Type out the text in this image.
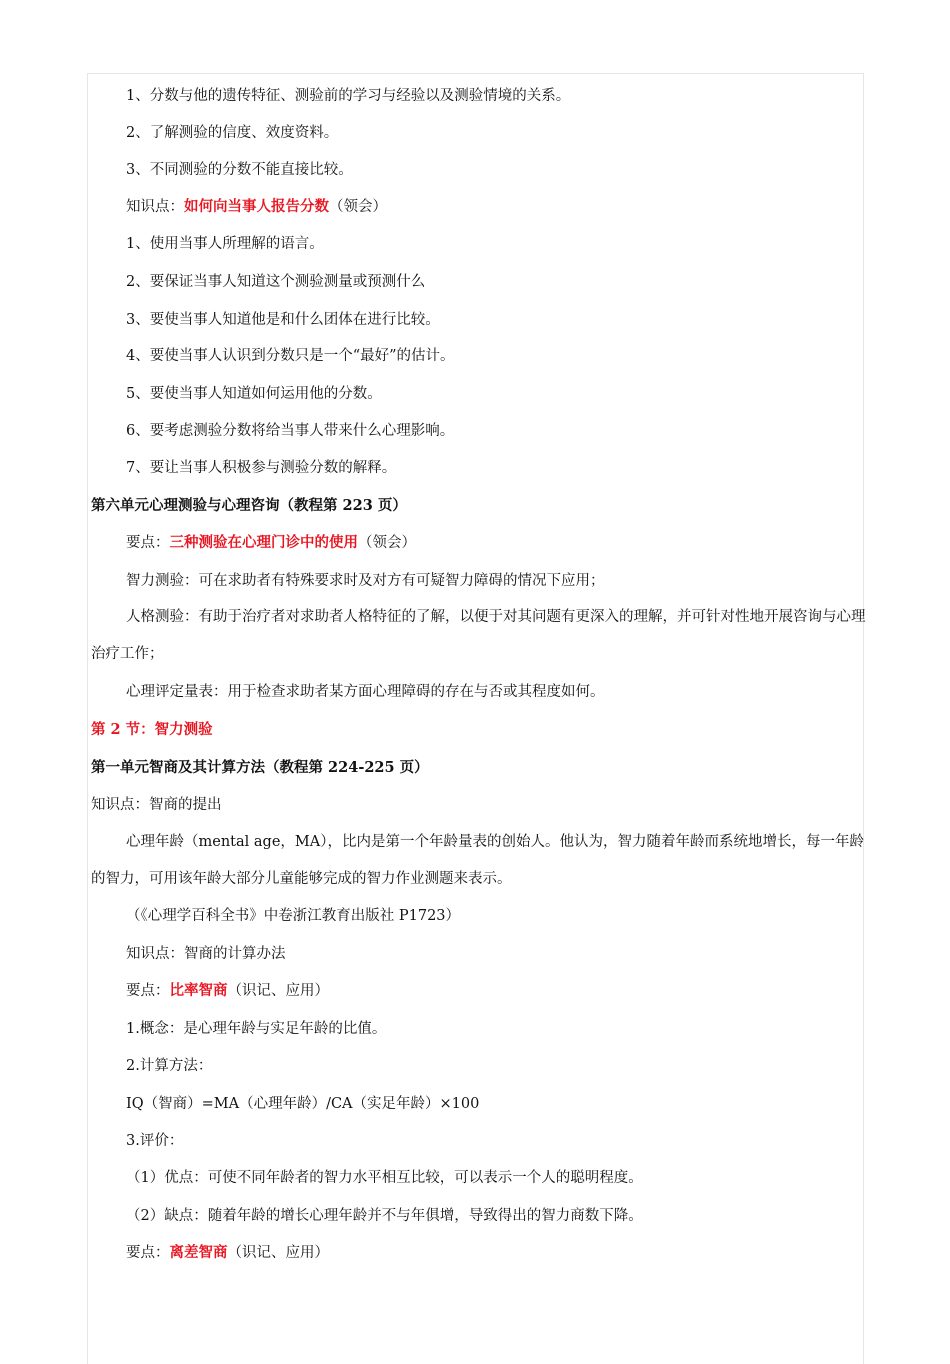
1、分数与他的遗传特征、测验前的学习与经验以及测验情境的关系。
2、了解测验的信度、效度资料。
3、不同测验的分数不能直接比较。
知识点：如何向当事人报告分数（领会）
1、使用当事人所理解的语言。
2、要保证当事人知道这个测验测量或预测什么
3、要使当事人知道他是和什么团体在进行比较。
4、要使当事人认识到分数只是一个“最好”的估计。
5、要使当事人知道如何运用他的分数。
6、要考虑测验分数将给当事人带来什么心理影响。
7、要让当事人积极参与测验分数的解释。
第六单元心理测验与心理咨询（教程第 223 页）
要点：三种测验在心理门诊中的使用（领会）
智力测验：可在求助者有特殊要求时及对方有可疑智力障碍的情况下应用；
人格测验：有助于治疗者对求助者人格特征的了解，以便于对其问题有更深入的理解，并可针对性地开展咨询与心理治疗工作；
心理评定量表：用于检查求助者某方面心理障碍的存在与否或其程度如何。
第 2 节：智力测验
第一单元智商及其计算方法（教程第 224-225 页）
知识点：智商的提出
心理年龄（mental age，MA），比内是第一个年龄量表的创始人。他认为，智力随着年龄而系统地增长，每一年龄的智力，可用该年龄大部分儿童能够完成的智力作业测题来表示。
（《心理学百科全书》中卷浙江教育出版社 P1723）
知识点：智商的计算办法
要点：比率智商（识记、应用）
1.概念：是心理年龄与实足年龄的比值。
2.计算方法：
IQ（智商）=MA（心理年龄）/CA（实足年龄）×100
3.评价：
（1）优点：可使不同年龄者的智力水平相互比较，可以表示一个人的聪明程度。
（2）缺点：随着年龄的增长心理年龄并不与年俱增，导致得出的智力商数下降。
要点：离差智商（识记、应用）
